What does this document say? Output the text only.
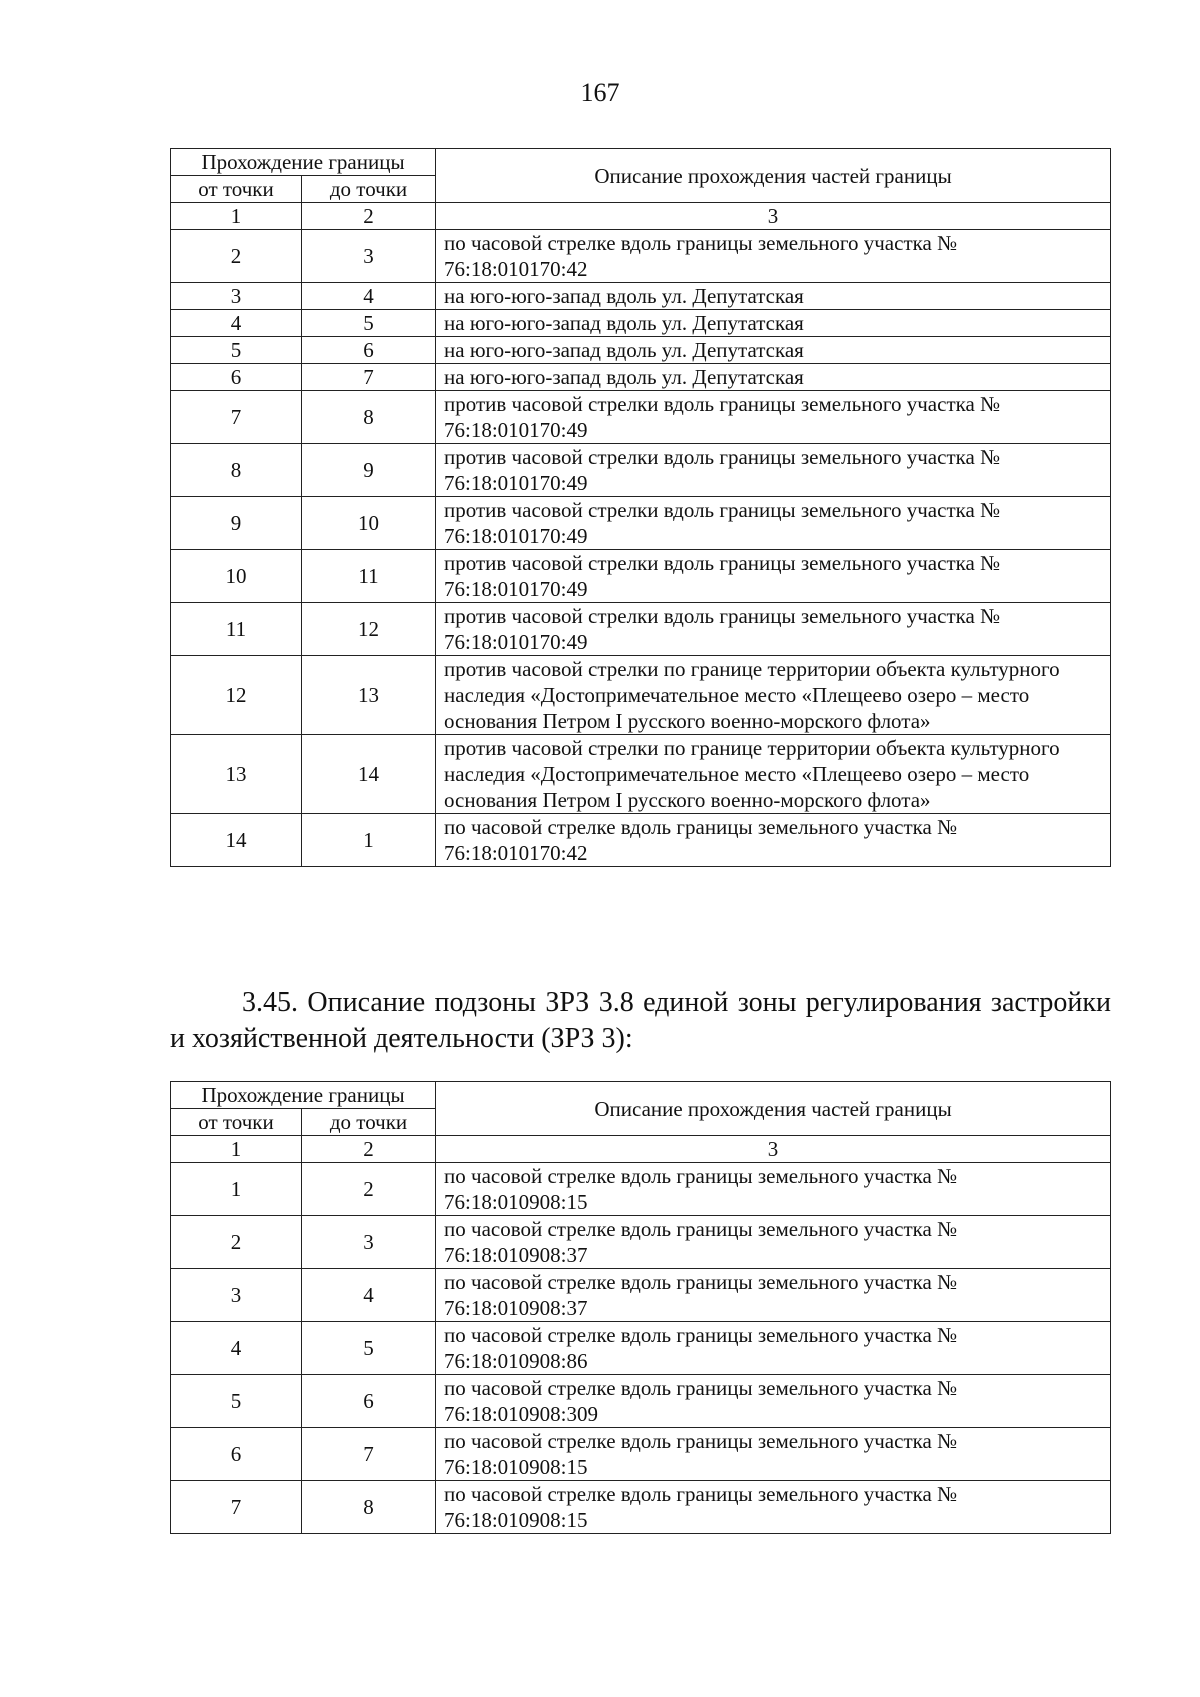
167
Прохождение границы		Описание прохождения частей границы
от точки	до точки	
1	2	3
2	3	по часовой стрелке вдоль границы земельного участка № 76:18:010170:42
3	4	на юго-юго-запад вдоль ул. Депутатская
4	5	на юго-юго-запад вдоль ул. Депутатская
5	6	на юго-юго-запад вдоль ул. Депутатская
6	7	на юго-юго-запад вдоль ул. Депутатская
7	8	против часовой стрелки вдоль границы земельного участка № 76:18:010170:49
8	9	против часовой стрелки вдоль границы земельного участка № 76:18:010170:49
9	10	против часовой стрелки вдоль границы земельного участка № 76:18:010170:49
10	11	против часовой стрелки вдоль границы земельного участка № 76:18:010170:49
11	12	против часовой стрелки вдоль границы земельного участка № 76:18:010170:49
12	13	против часовой стрелки по границе территории объекта культурного наследия «Достопримечательное место «Плещеево озеро – место основания Петром I русского военно-морского флота»
13	14	против часовой стрелки по границе территории объекта культурного наследия «Достопримечательное место «Плещеево озеро – место основания Петром I русского военно-морского флота»
14	1	по часовой стрелке вдоль границы земельного участка № 76:18:010170:42
3.45. Описание подзоны ЗРЗ 3.8 единой зоны регулирования застройки и хозяйственной деятельности (ЗРЗ 3):
Прохождение границы		Описание прохождения частей границы
от точки	до точки	
1	2	3
1	2	по часовой стрелке вдоль границы земельного участка № 76:18:010908:15
2	3	по часовой стрелке вдоль границы земельного участка № 76:18:010908:37
3	4	по часовой стрелке вдоль границы земельного участка № 76:18:010908:37
4	5	по часовой стрелке вдоль границы земельного участка № 76:18:010908:86
5	6	по часовой стрелке вдоль границы земельного участка № 76:18:010908:309
6	7	по часовой стрелке вдоль границы земельного участка № 76:18:010908:15
7	8	по часовой стрелке вдоль границы земельного участка № 76:18:010908:15
